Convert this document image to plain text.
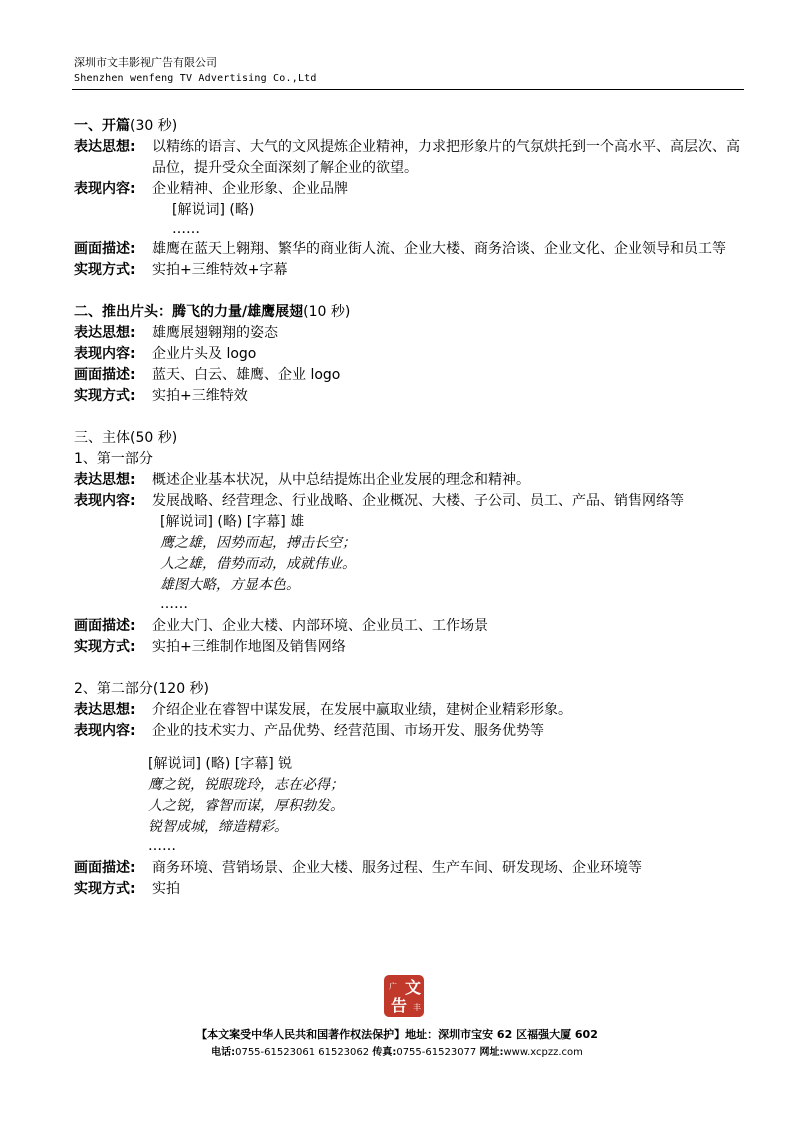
深圳市文丰影视广告有限公司
Shenzhen wenfeng TV Advertising Co.,Ltd
一、开篇(30 秒)
表达思想:	以精练的语言、大气的文风提炼企业精神，力求把形象片的气氛烘托到一个高水平、高层次、高品位，提升受众全面深刻了解企业的欲望。
表现内容:	企业精神、企业形象、企业品牌
[解说词] (略)
……
画面描述:	雄鹰在蓝天上翱翔、繁华的商业街人流、企业大楼、商务洽谈、企业文化、企业领导和员工等
实现方式:	实拍+三维特效+字幕
二、推出片头：腾飞的力量/雄鹰展翅(10 秒)
表达思想:	雄鹰展翅翱翔的姿态
表现内容:	企业片头及 logo
画面描述:	蓝天、白云、雄鹰、企业 logo
实现方式:	实拍+三维特效
三、主体(50 秒)
1、第一部分
表达思想:	概述企业基本状况，从中总结提炼出企业发展的理念和精神。
表现内容:	发展战略、经营理念、行业战略、企业概况、大楼、子公司、员工、产品、销售网络等
[解说词] (略) [字幕] 雄
鹰之雄，因势而起，搏击长空；
人之雄，借势而动，成就伟业。
雄图大略，方显本色。
……
画面描述:	企业大门、企业大楼、内部环境、企业员工、工作场景
实现方式:	实拍+三维制作地图及销售网络
2、第二部分(120 秒)
表达思想:	介绍企业在睿智中谋发展，在发展中赢取业绩，建树企业精彩形象。
表现内容:	企业的技术实力、产品优势、经营范围、市场开发、服务优势等
[解说词] (略) [字幕] 锐
鹰之锐，锐眼珑玲，志在必得；
人之锐，睿智而谋，厚积勃发。
锐智成城，缔造精彩。
……
画面描述:	商务环境、营销场景、企业大楼、服务过程、生产车间、研发现场、企业环境等
实现方式:	实拍
文
告
广
丰
【本文案受中华人民共和国著作权法保护】地址：深圳市宝安 62 区福强大厦 602
电话:0755-61523061 61523062 传真:0755-61523077 网址:www.xcpzz.com
